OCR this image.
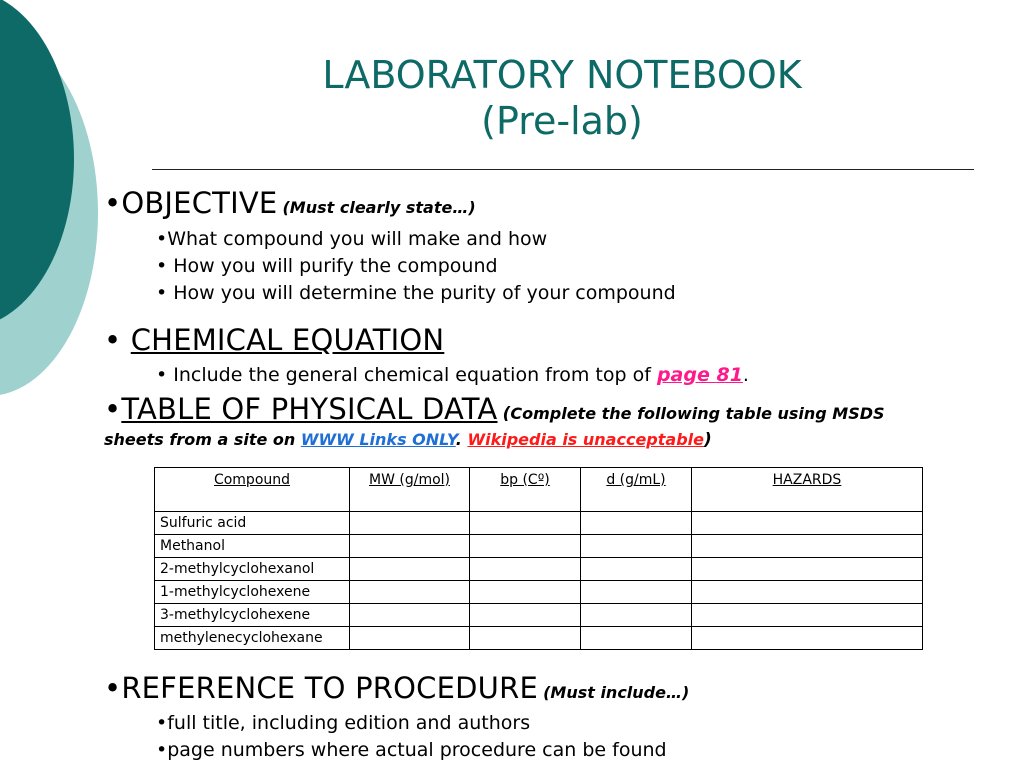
LABORATORY NOTEBOOK
(Pre-lab)
•OBJECTIVE (Must clearly state…)
•What compound you will make and how
• How you will purify the compound
• How you will determine the purity of your compound
• CHEMICAL EQUATION
• Include the general chemical equation from top of page 81.
•TABLE OF PHYSICAL DATA (Complete the following table using MSDS
sheets from a site on WWW Links ONLY. Wikipedia is unacceptable)
Compound	MW (g/mol)	bp (Cº)	d (g/mL)	HAZARDS
Sulfuric acid				
Methanol				
2-methylcyclohexanol				
1-methylcyclohexene				
3-methylcyclohexene				
methylenecyclohexane				
•REFERENCE TO PROCEDURE (Must include…)
•full title, including edition and authors
•page numbers where actual procedure can be found
